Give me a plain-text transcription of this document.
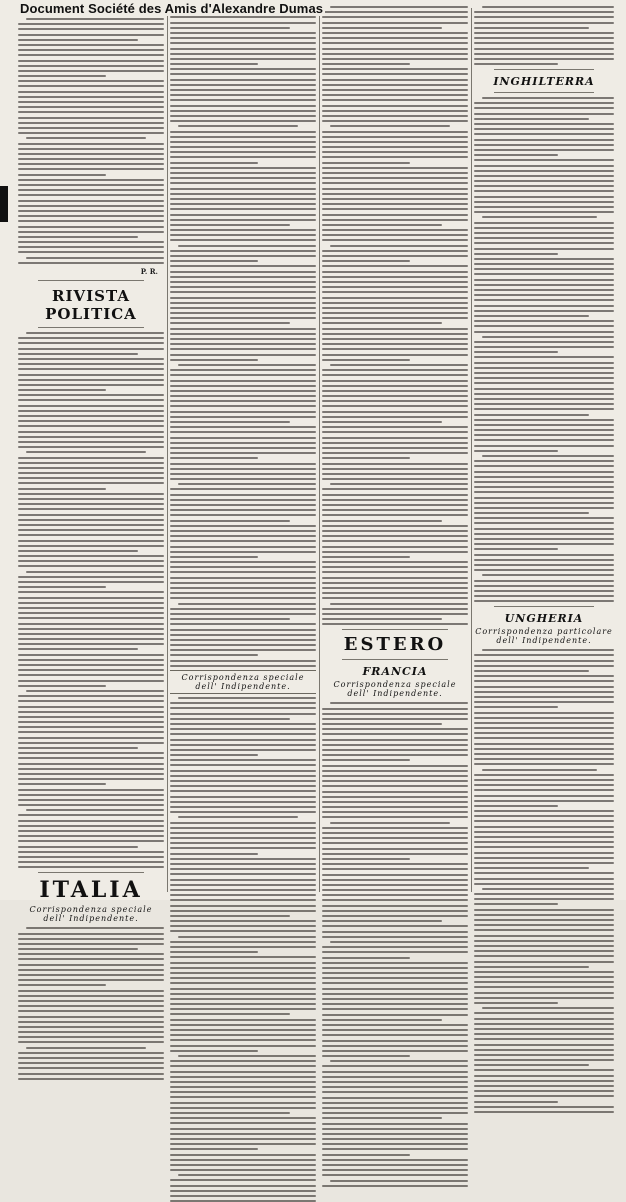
Document Société des Amis d'Alexandre Dumas
P. R.
RIVISTA POLITICA
ITALIA
Corrispondenza speciale dell' Indipendente.
Corrispondenza speciale dell' Indipendente.
ESTERO
FRANCIA
Corrispondenza speciale dell' Indipendente.
INGHILTERRA
UNGHERIA
Corrispondenza particolare dell' Indipendente.
